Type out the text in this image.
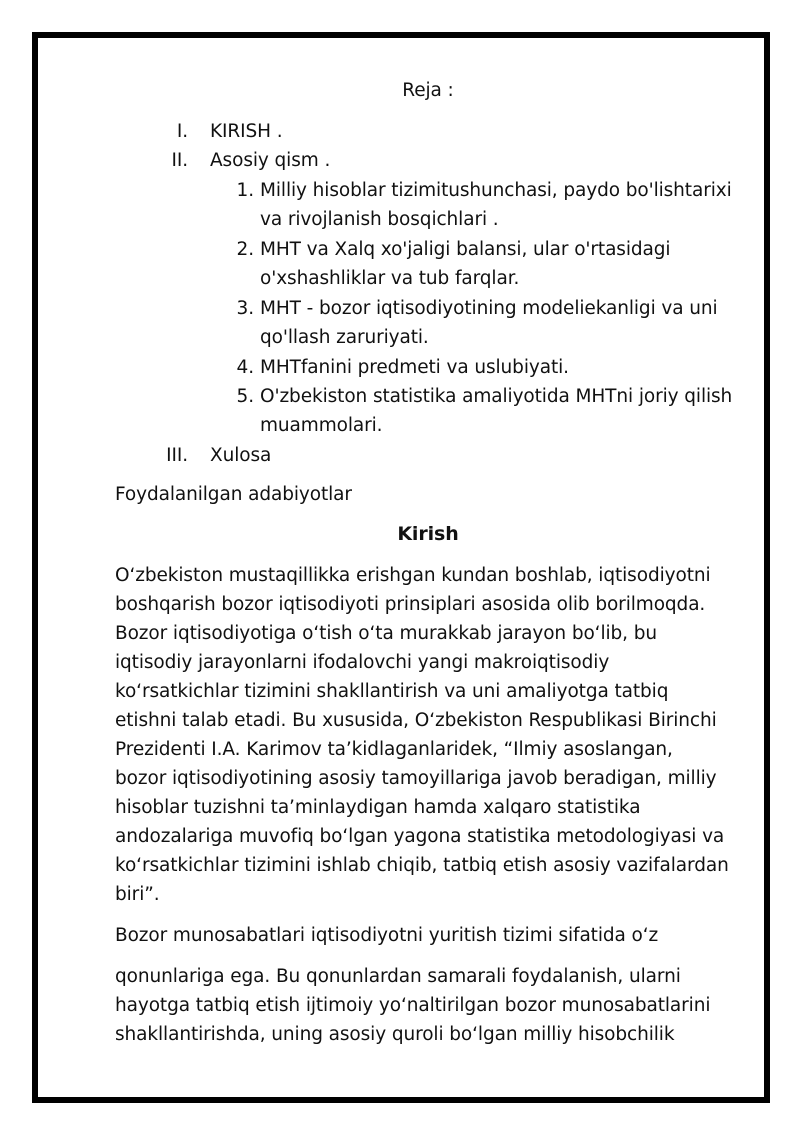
Reja :
I. KIRISH .
II. Asosiy qism .
1. Milliy hisoblar tizimitushunchasi, paydo bo'lishtarixi
va rivojlanish bosqichlari .
2. MHT va Xalq xo'jaligi balansi, ular o'rtasidagi
o'xshashliklar va tub farqlar.
3. MHT - bozor iqtisodiyotining modeliekanligi va uni
qo'llash zaruriyati.
4. MHTfanini predmeti va uslubiyati.
5. O'zbekiston statistika amaliyotida MHTni joriy qilish
muammolari.
III. Xulosa
Foydalanilgan adabiyotlar
Kirish
O‘zbekiston mustaqillikka erishgan kundan boshlab, iqtisodiyotni
boshqarish bozor iqtisodiyoti prinsiplari asosida olib borilmoqda.
Bozor iqtisodiyotiga o‘tish o‘ta murakkab jarayon bo‘lib, bu
iqtisodiy jarayonlarni ifodalovchi yangi makroiqtisodiy
ko‘rsatkichlar tizimini shakllantirish va uni amaliyotga tatbiq
etishni talab etadi. Bu xususida, O‘zbekiston Respublikasi Birinchi
Prezidenti I.A. Karimov ta’kidlaganlaridek, “Ilmiy asoslangan,
bozor iqtisodiyotining asosiy tamoyillariga javob beradigan, milliy
hisoblar tuzishni ta’minlaydigan hamda xalqaro statistika
andozalariga muvofiq bo‘lgan yagona statistika metodologiyasi va
ko‘rsatkichlar tizimini ishlab chiqib, tatbiq etish asosiy vazifalardan
biri”.
Bozor munosabatlari iqtisodiyotni yuritish tizimi sifatida o‘z
qonunlariga ega. Bu qonunlardan samarali foydalanish, ularni
hayotga tatbiq etish ijtimoiy yo‘naltirilgan bozor munosabatlarini
shakllantirishda, uning asosiy quroli bo‘lgan milliy hisobchilik
